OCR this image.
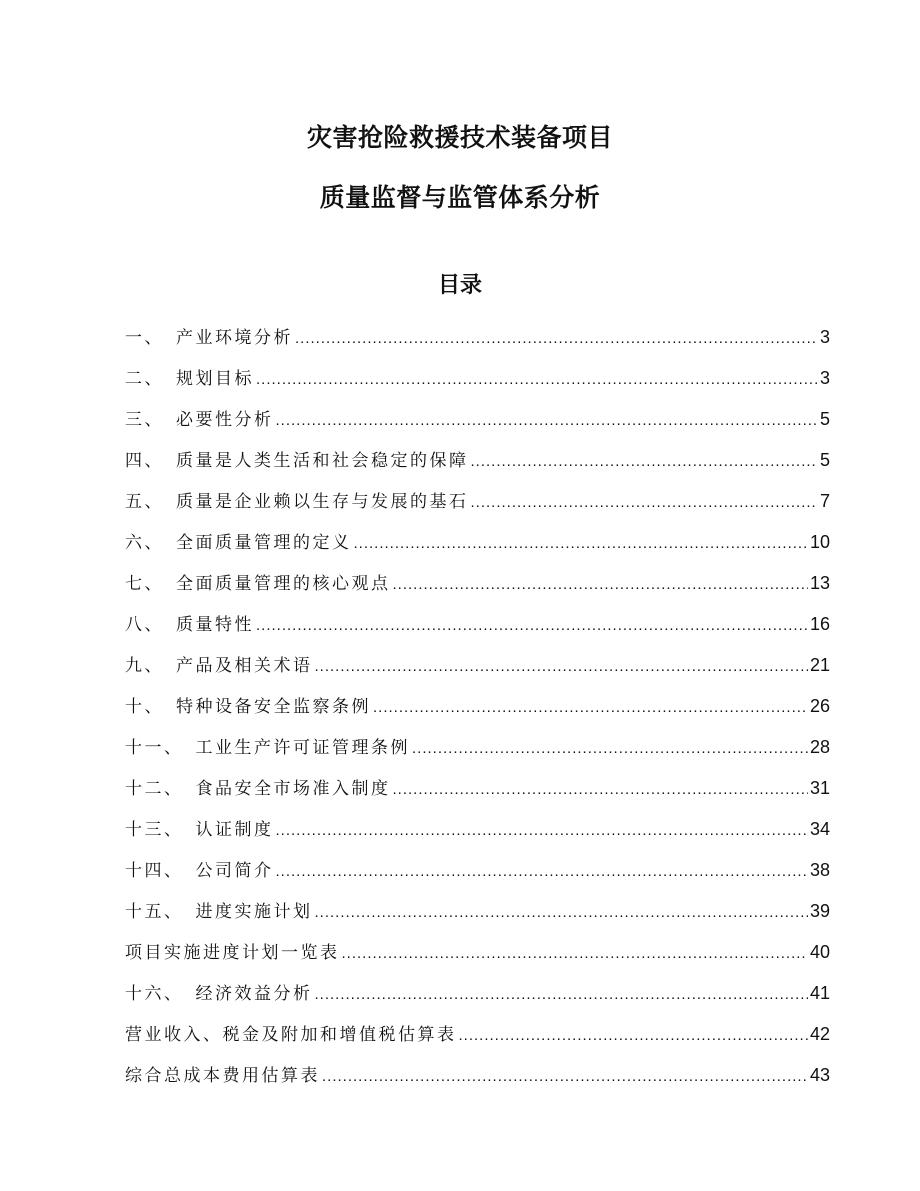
灾害抢险救援技术装备项目
质量监督与监管体系分析
目录
一、 产业环境分析 .....	3
二、 规划目标 .....	3
三、 必要性分析 .....	5
四、 质量是人类生活和社会稳定的保障 .....	5
五、 质量是企业赖以生存与发展的基石 .....	7
六、 全面质量管理的定义 .....	10
七、 全面质量管理的核心观点 .....	13
八、 质量特性 .....	16
九、 产品及相关术语 .....	21
十、 特种设备安全监察条例 .....	26
十一、 工业生产许可证管理条例 .....	28
十二、 食品安全市场准入制度 .....	31
十三、 认证制度 .....	34
十四、 公司简介 .....	38
十五、 进度实施计划 .....	39
项目实施进度计划一览表 .....	40
十六、 经济效益分析 .....	41
营业收入、税金及附加和增值税估算表 .....	42
综合总成本费用估算表 .....	43
